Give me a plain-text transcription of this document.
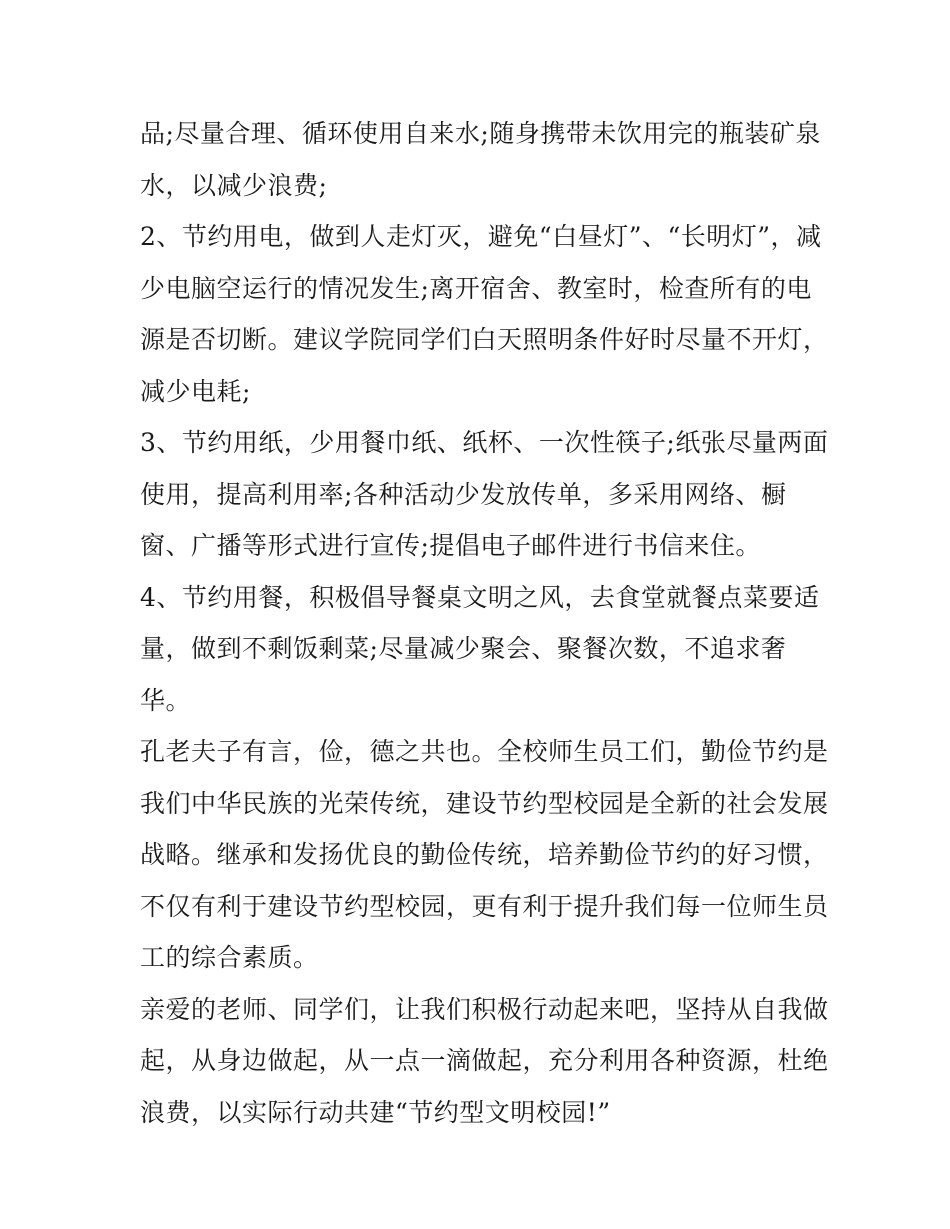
品;尽量合理、循环使用自来水;随身携带未饮用完的瓶装矿泉
水，以减少浪费;
2、节约用电，做到人走灯灭，避免“白昼灯”、“长明灯”，减
少电脑空运行的情况发生;离开宿舍、教室时，检查所有的电
源是否切断。建议学院同学们白天照明条件好时尽量不开灯，
减少电耗;
3、节约用纸，少用餐巾纸、纸杯、一次性筷子;纸张尽量两面
使用，提高利用率;各种活动少发放传单，多采用网络、橱
窗、广播等形式进行宣传;提倡电子邮件进行书信来住。
4、节约用餐，积极倡导餐桌文明之风，去食堂就餐点菜要适
量，做到不剩饭剩菜;尽量减少聚会、聚餐次数，不追求奢
华。
孔老夫子有言，俭，德之共也。全校师生员工们，勤俭节约是
我们中华民族的光荣传统，建设节约型校园是全新的社会发展
战略。继承和发扬优良的勤俭传统，培养勤俭节约的好习惯，
不仅有利于建设节约型校园，更有利于提升我们每一位师生员
工的综合素质。
亲爱的老师、同学们，让我们积极行动起来吧，坚持从自我做
起，从身边做起，从一点一滴做起，充分利用各种资源，杜绝
浪费，以实际行动共建“节约型文明校园!”
